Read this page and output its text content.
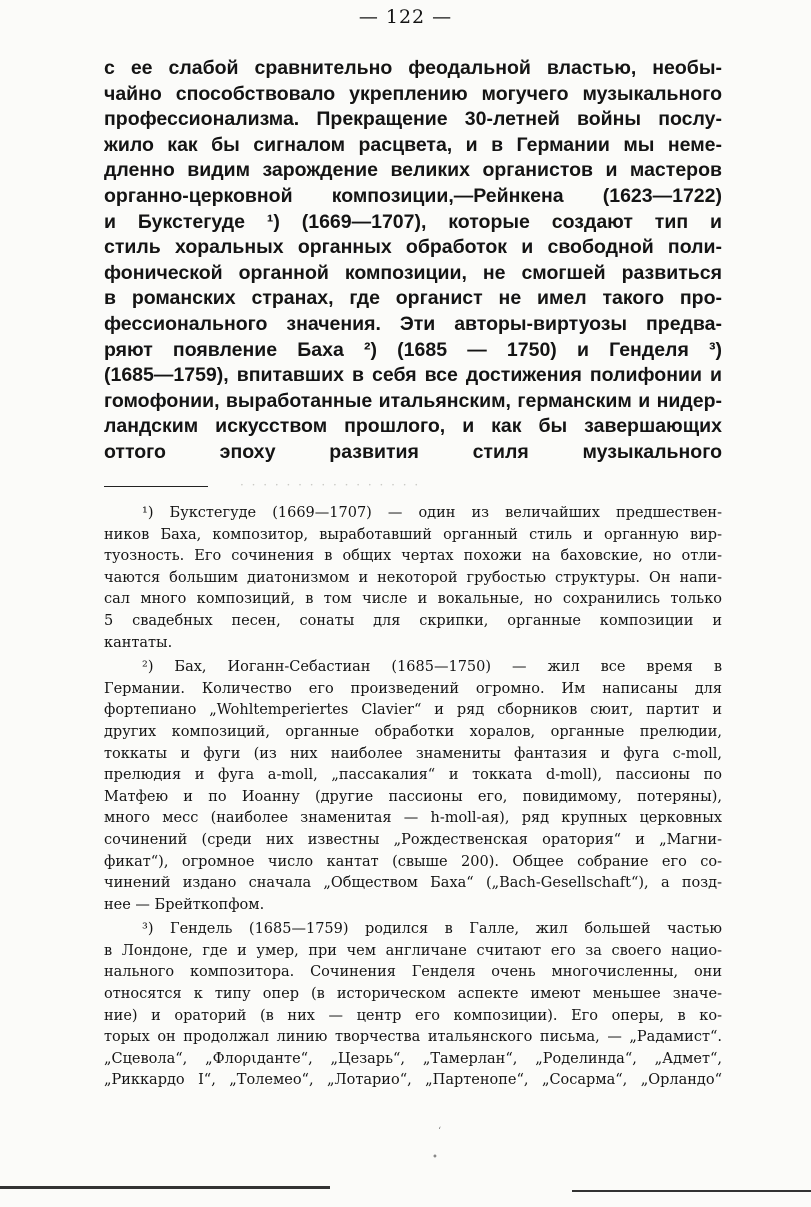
— 122 —
с ее слабой сравнительно феодальной властью, необы-
чайно способствовало укреплению могучего музыкального
профессионализма. Прекращение 30-летней войны послу-
жило как бы сигналом расцвета, и в Германии мы неме-
дленно видим зарождение великих органистов и мастеров
органно-церковной композиции,—Рейнкена (1623—1722)
и Букстегуде ¹) (1669—1707), которые создают тип и
стиль хоральных органных обработок и свободной поли-
фонической органной композиции, не смогшей развиться
в романских странах, где органист не имел такого про-
фессионального значения. Эти авторы-виртуозы предва-
ряют появление Баха ²) (1685 — 1750) и Генделя ³)
(1685—1759), впитавших в себя все достижения полифонии и
гомофонии, выработанные итальянским, германским и нидер-
ландским искусством прошлого, и как бы завершающих
оттого эпоху развития стиля музыкального
· · · · · · · · · · · · · · · ·
¹) Букстегуде (1669—1707) — один из величайших предшествен-
ников Баха, композитор, выработавший органный стиль и органную вир-
туозность. Его сочинения в общих чертах похожи на баховские, но отли-
чаются большим диатонизмом и некоторой грубостью структуры. Он напи-
сал много композиций, в том числе и вокальные, но сохранились только
5 свадебных песен, сонаты для скрипки, органные композиции и
кантаты.
²) Бах, Иоганн-Себастиан (1685—1750) — жил все время в
Германии. Количество его произведений огромно. Им написаны для
фортепиано „Wohltemperiertes Clavier“ и ряд сборников сюит, партит и
других композиций, органные обработки хоралов, органные прелюдии,
токкаты и фуги (из них наиболее знамениты фантазия и фуга c-moll,
прелюдия и фуга a-moll, „пассакалия“ и токката d-moll), пассионы по
Матфею и по Иоанну (другие пассионы его, повидимому, потеряны),
много месс (наиболее знаменитая — h-moll-ая), ряд крупных церковных
сочинений (среди них известны „Рождественская оратория“ и „Магни-
фикат“), огромное число кантат (свыше 200). Общее собрание его со-
чинений издано сначала „Обществом Баха“ („Bach-Gesellschaft“), а позд-
нее — Брейткопфом.
³) Гендель (1685—1759) родился в Галле, жил большей частью
в Лондоне, где и умер, при чем англичане считают его за своего нацио-
нального композитора. Сочинения Генделя очень многочисленны, они
относятся к типу опер (в историческом аспекте имеют меньшее значе-
ние) и ораторий (в них — центр его композиции). Его оперы, в ко-
торых он продолжал линию творчества итальянского письма, — „Радамист“.
„Сцевола“, „Флоριданте“, „Цезарь“, „Тамерлан“, „Роделинда“, „Адмет“,
„Риккардо I“, „Толемео“, „Лотарио“, „Партенопе“, „Сосарма“, „Орландо“
‘
•
